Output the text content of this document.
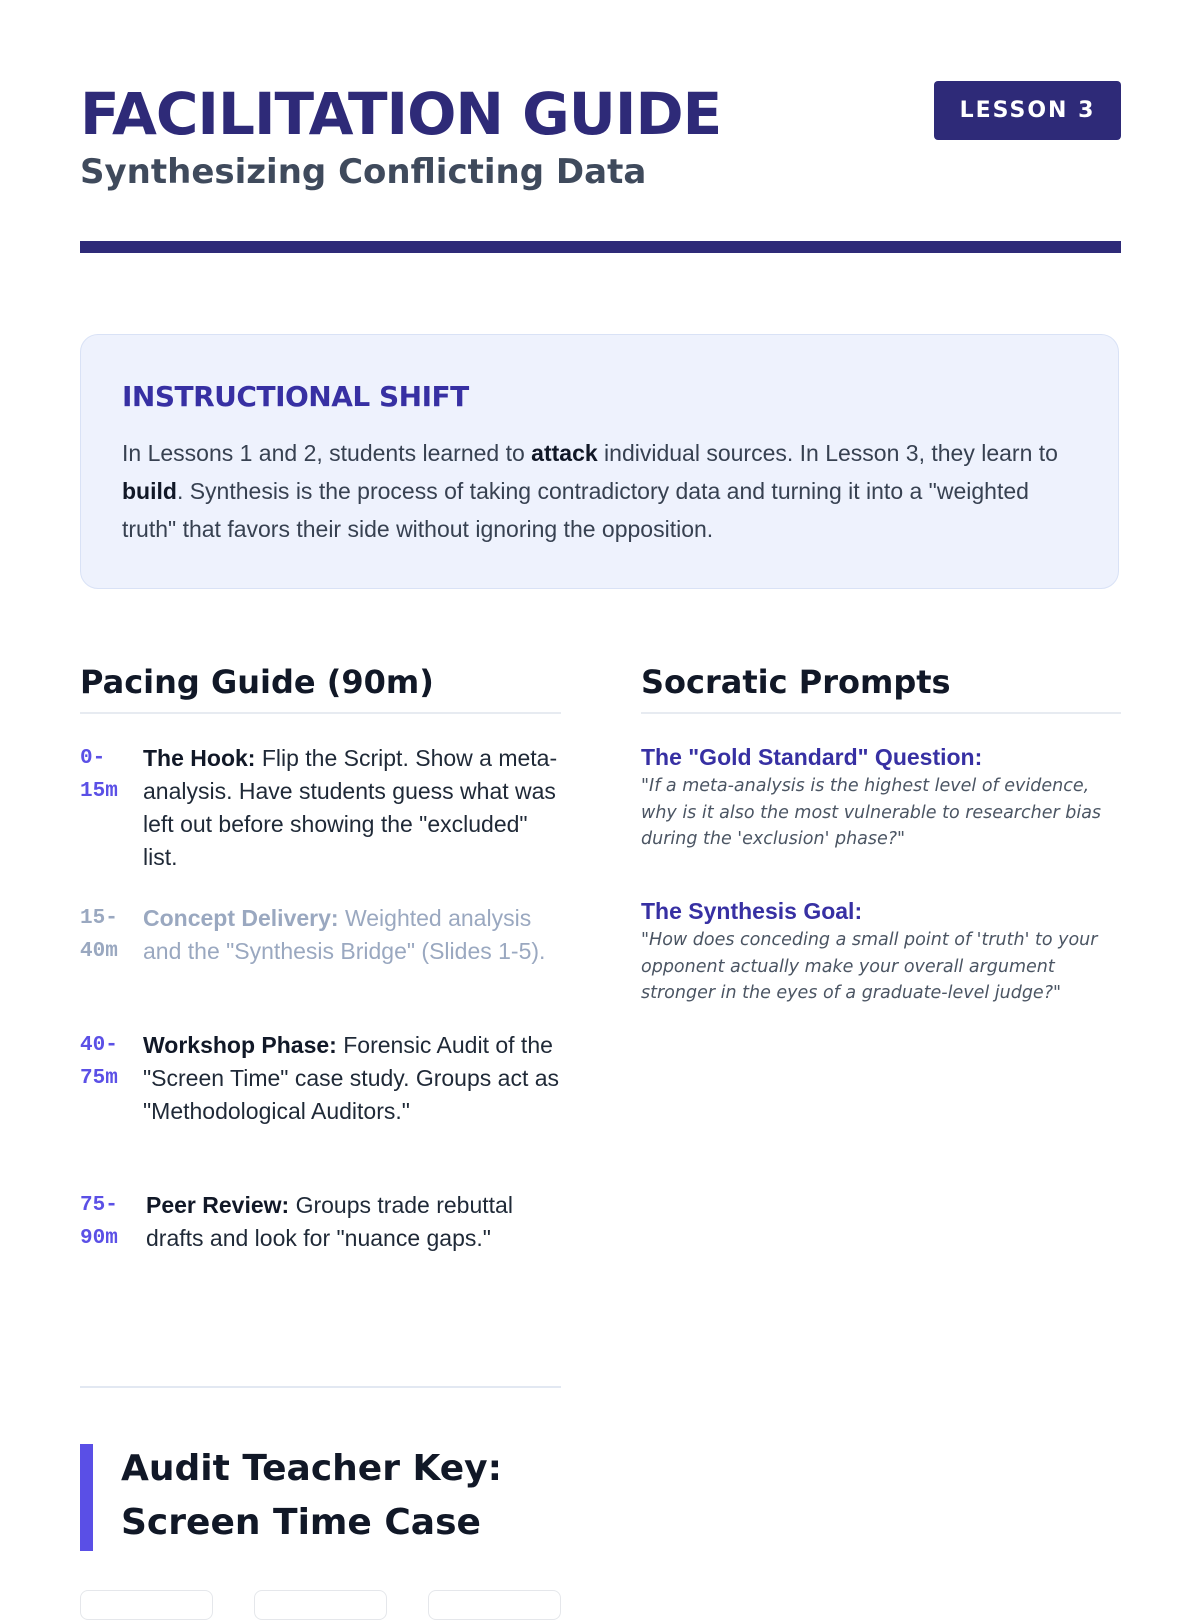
FACILITATION GUIDE
Synthesizing Conflicting Data
LESSON 3
INSTRUCTIONAL SHIFT

In Lessons 1 and 2, students learned to attack individual sources. In Lesson 3, they learn to build. Synthesis is the process of taking contradictory data and turning it into a "weighted truth" that favors their side without ignoring the opposition.

Pacing Guide (90m)
0-
15m
The Hook: Flip the Script. Show a meta-analysis. Have students guess what was left out before showing the "excluded" list.
15-
40m
Concept Delivery: Weighted analysis and the "Synthesis Bridge" (Slides 1-5).
40-
75m
Workshop Phase: Forensic Audit of the "Screen Time" case study. Groups act as "Methodological Auditors."
75-
90m
Peer Review: Groups trade rebuttal drafts and look for "nuance gaps."
Socratic Prompts
The "Gold Standard" Question:

"If a meta-analysis is the highest level of evidence, why is it also the most vulnerable to researcher bias during the 'exclusion' phase?"

The Synthesis Goal:

"How does conceding a small point of 'truth' to your opponent actually make your overall argument stronger in the eyes of a graduate-level judge?"

Audit Teacher Key: Screen Time Case
